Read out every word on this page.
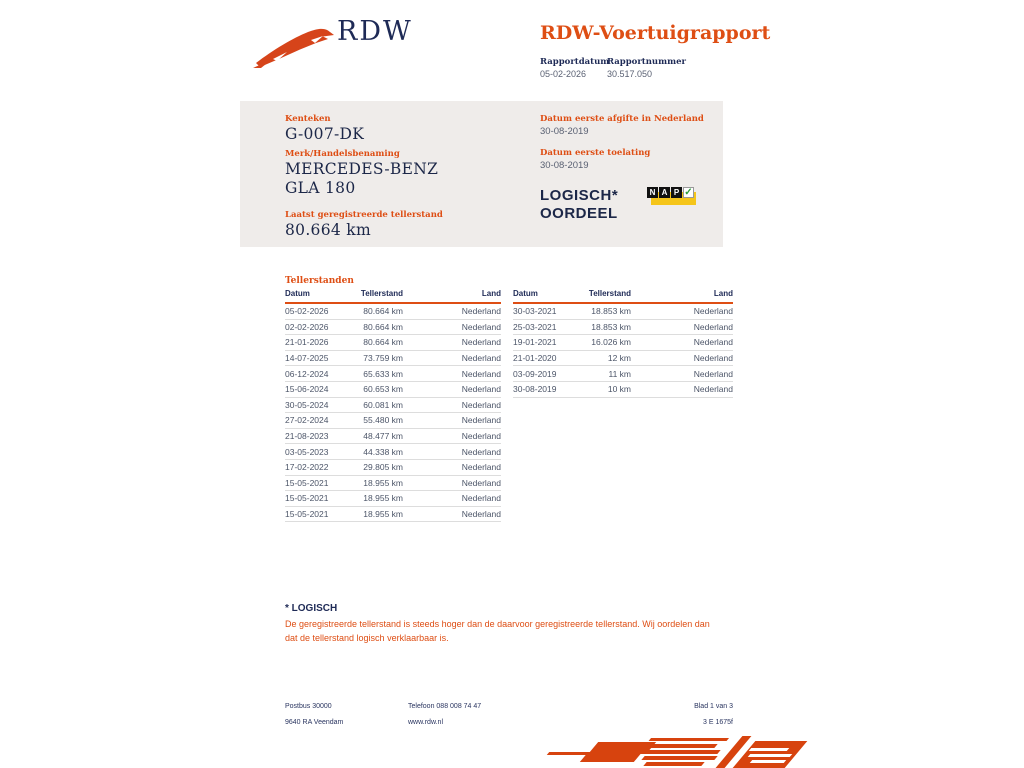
RDW	RDW-Voertuigrapport
Rapportdatum
Rapportnummer
05-02-2026 30.517.050
Kenteken
G-007-DK
Merk/Handelsbenaming
MERCEDES-BENZ
GLA 180
Laatst geregistreerde tellerstand
80.664 km
Datum eerste afgifte in Nederland
30-08-2019
Datum eerste toelating
30-08-2019
LOGISCH*
OORDEEL
N A P ✓
Tellerstanden
Datum	Tellerstand	Land
05-02-2026	80.664 km	Nederland
02-02-2026	80.664 km	Nederland
21-01-2026	80.664 km	Nederland
14-07-2025	73.759 km	Nederland
06-12-2024	65.633 km	Nederland
15-06-2024	60.653 km	Nederland
30-05-2024	60.081 km	Nederland
27-02-2024	55.480 km	Nederland
21-08-2023	48.477 km	Nederland
03-05-2023	44.338 km	Nederland
17-02-2022	29.805 km	Nederland
15-05-2021	18.955 km	Nederland
15-05-2021	18.955 km	Nederland
15-05-2021	18.955 km	Nederland
Datum	Tellerstand	Land
30-03-2021	18.853 km	Nederland
25-03-2021	18.853 km	Nederland
19-01-2021	16.026 km	Nederland
21-01-2020	12 km	Nederland
03-09-2019	11 km	Nederland
30-08-2019	10 km	Nederland
* LOGISCH
De geregistreerde tellerstand is steeds hoger dan de daarvoor geregistreerde tellerstand. Wij oordelen dan dat de tellerstand logisch verklaarbaar is.
Postbus 30000
9640 RA Veendam
Telefoon 088 008 74 47
www.rdw.nl
Blad 1 van 3
3 E 1675f
